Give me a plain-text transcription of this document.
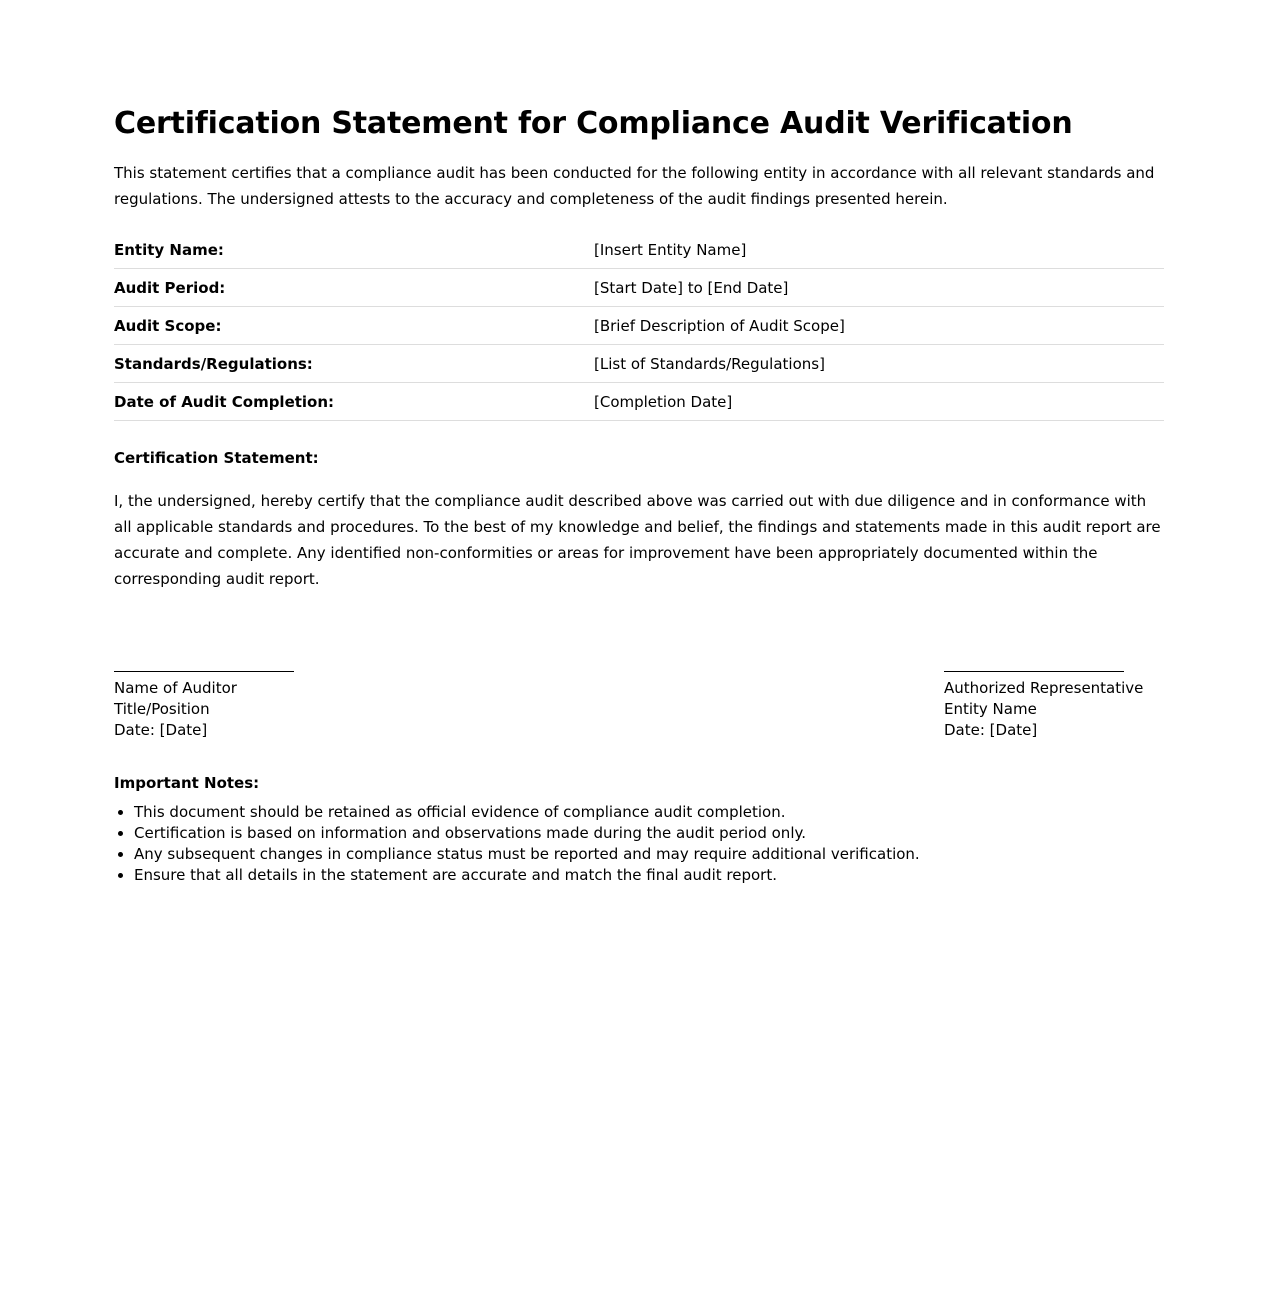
Certification Statement for Compliance Audit Verification

This statement certifies that a compliance audit has been conducted for the following entity in accordance with all relevant standards and regulations. The undersigned attests to the accuracy and completeness of the audit findings presented herein.

Entity Name:	[Insert Entity Name]
Audit Period:	[Start Date] to [End Date]
Audit Scope:	[Brief Description of Audit Scope]
Standards/Regulations:	[List of Standards/Regulations]
Date of Audit Completion:	[Completion Date]
Certification Statement:

I, the undersigned, hereby certify that the compliance audit described above was carried out with due diligence and in conformance with all applicable standards and procedures. To the best of my knowledge and belief, the findings and statements made in this audit report are accurate and complete. Any identified non-conformities or areas for improvement have been appropriately documented within the corresponding audit report.

Name of Auditor
Title/Position
Date: [Date]
Authorized Representative
Entity Name
Date: [Date]
Important Notes:
• This document should be retained as official evidence of compliance audit completion.
• Certification is based on information and observations made during the audit period only.
• Any subsequent changes in compliance status must be reported and may require additional verification.
• Ensure that all details in the statement are accurate and match the final audit report.
